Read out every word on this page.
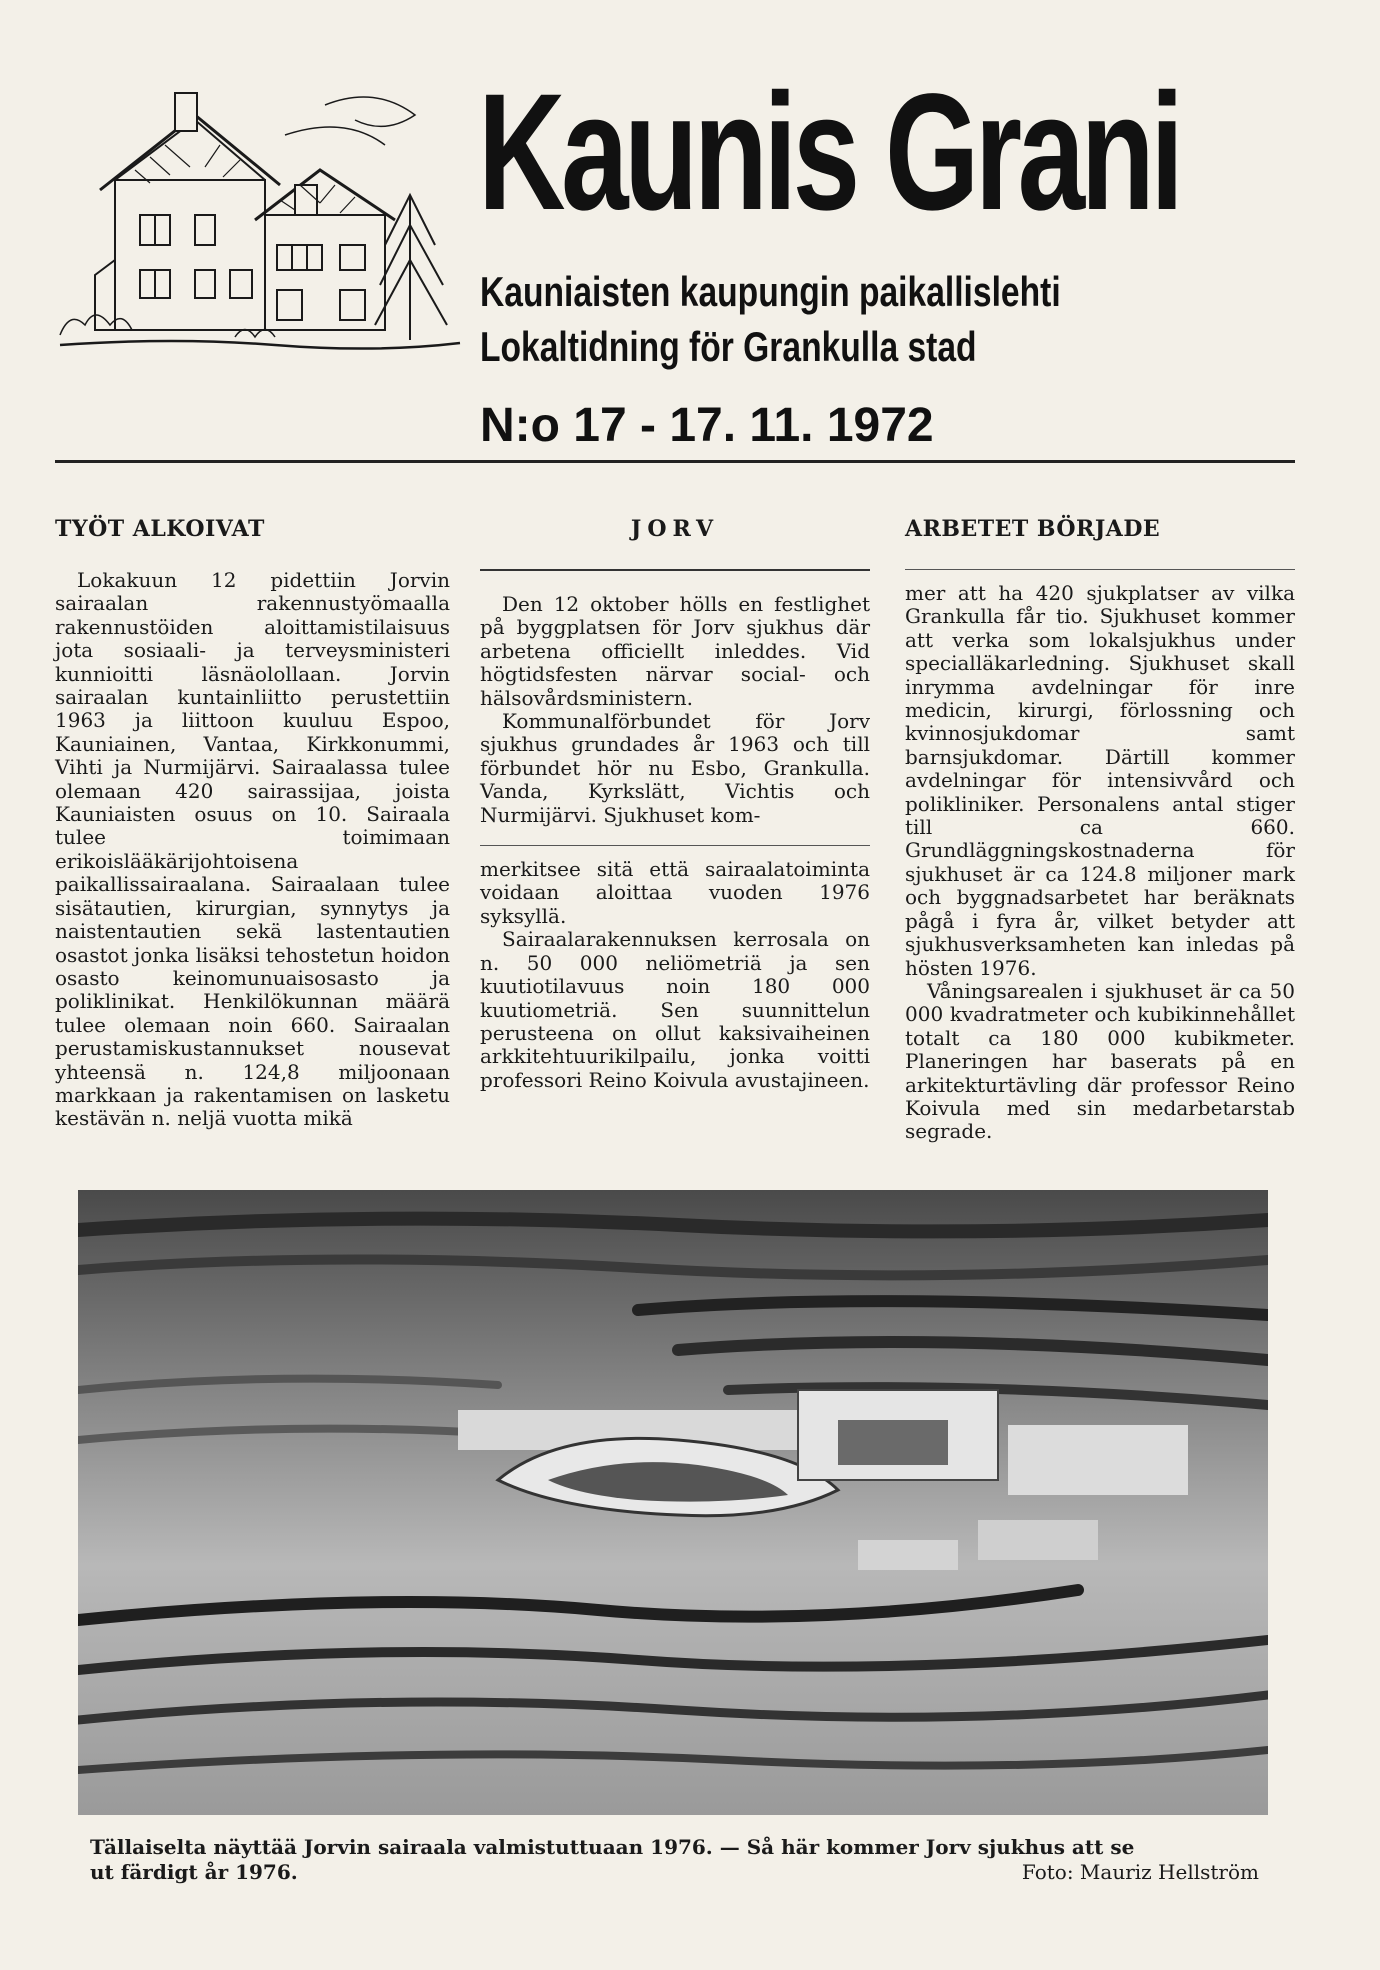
Kaunis Grani
Kauniaisten kaupungin paikallislehti
Lokaltidning för Grankulla stad
N:o 17 - 17. 11. 1972
TYÖT ALKOIVAT

Lokakuun 12 pidettiin Jorvin sairaalan rakennustyömaalla rakennustöiden aloittamistilaisuus jota sosiaali- ja terveysministeri kunnioitti läsnäolollaan. Jorvin sairaalan kuntainliitto perustettiin 1963 ja liittoon kuuluu Espoo, Kauniainen, Vantaa, Kirkkonummi, Vihti ja Nurmijärvi. Sairaalassa tulee olemaan 420 sairassijaa, joista Kauniaisten osuus on 10. Sairaala tulee toimimaan erikoislääkärijohtoisena paikallissairaalana. Sairaalaan tulee sisätautien, kirurgian, synnytys ja naistentautien sekä lastentautien osastot jonka lisäksi tehostetun hoidon osasto keinomunuaisosasto ja poliklinikat. Henkilökunnan määrä tulee olemaan noin 660. Sairaalan perustamiskustannukset nousevat yhteensä n. 124,8 miljoonaan markkaan ja rakentamisen on lasketu kestävän n. neljä vuotta mikä

JORV

Den 12 oktober hölls en festlighet på byggplatsen för Jorv sjukhus där arbetena officiellt inleddes. Vid högtidsfesten närvar social- och hälsovårdsministern.

Kommunalförbundet för Jorv sjukhus grundades år 1963 och till förbundet hör nu Esbo, Grankulla. Vanda, Kyrkslätt, Vichtis och Nurmijärvi. Sjukhuset kom-

merkitsee sitä että sairaalatoiminta voidaan aloittaa vuoden 1976 syksyllä.

Sairaalarakennuksen kerrosala on n. 50 000 neliömetriä ja sen kuutiotilavuus noin 180 000 kuutiometriä. Sen suunnittelun perusteena on ollut kaksivaiheinen arkkitehtuurikilpailu, jonka voitti professori Reino Koivula avustajineen.

ARBETET BÖRJADE

mer att ha 420 sjukplatser av vilka Grankulla får tio. Sjukhuset kommer att verka som lokalsjukhus under specialläkarledning. Sjukhuset skall inrymma avdelningar för inre medicin, kirurgi, förlossning och kvinnosjukdomar samt barnsjukdomar. Därtill kommer avdelningar för intensivvård och polikliniker. Personalens antal stiger till ca 660. Grundläggningskostnaderna för sjukhuset är ca 124.8 miljoner mark och byggnadsarbetet har beräknats pågå i fyra år, vilket betyder att sjukhusverksamheten kan inledas på hösten 1976.

Våningsarealen i sjukhuset är ca 50 000 kvadratmeter och kubikinnehållet totalt ca 180 000 kubikmeter. Planeringen har baserats på en arkitekturtävling där professor Reino Koivula med sin medarbetarstab segrade.

Tällaiselta näyttää Jorvin sairaala valmistuttuaan 1976. — Så här kommer Jorv sjukhus att se
ut färdigt år 1976.	Foto: Mauriz Hellström
